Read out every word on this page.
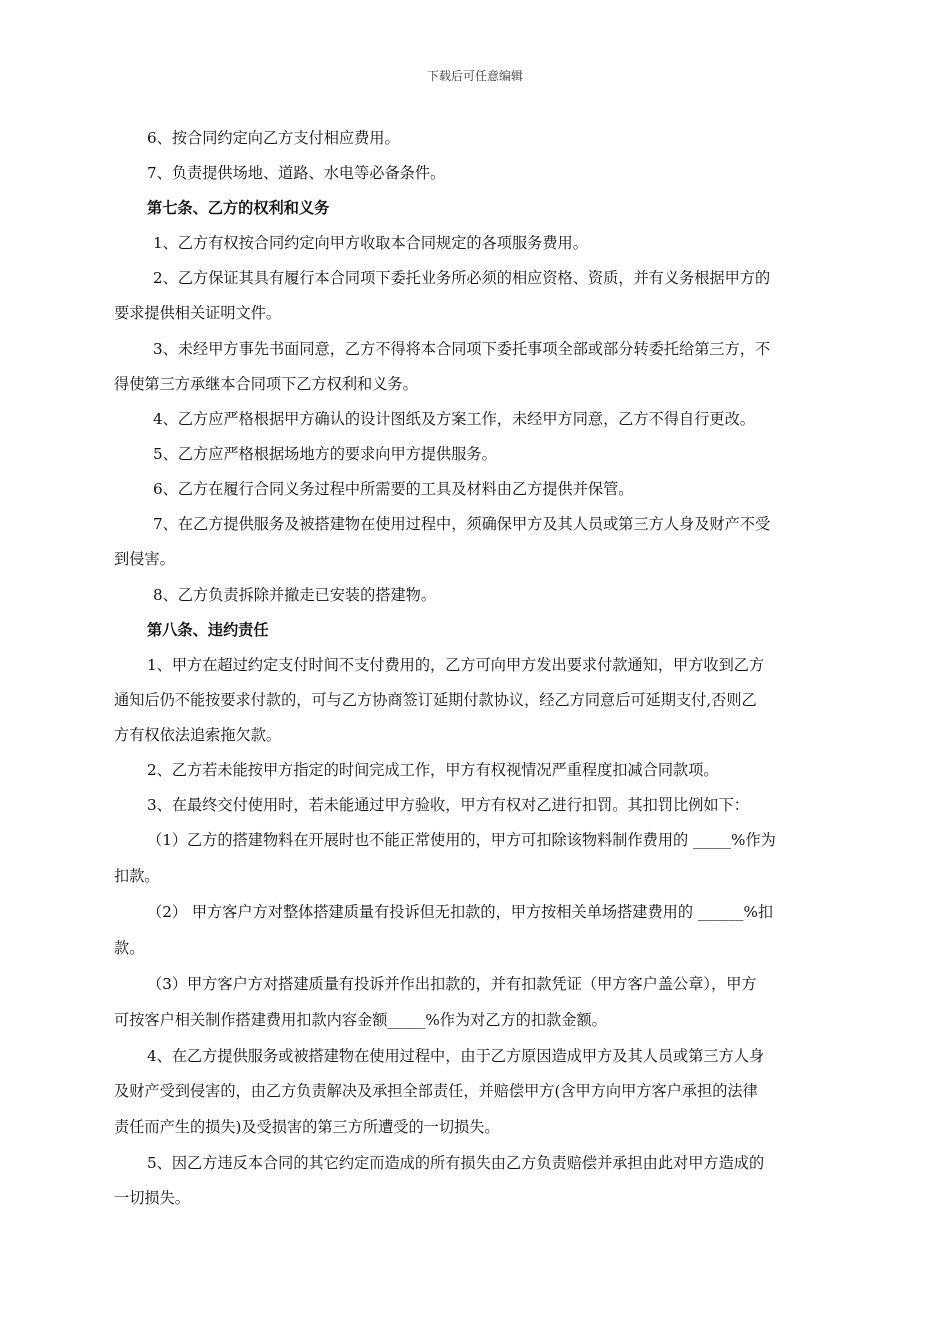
下载后可任意编辑
6、按合同约定向乙方支付相应费用。
7、负责提供场地、道路、水电等必备条件。
第七条、乙方的权利和义务
1、乙方有权按合同约定向甲方收取本合同规定的各项服务费用。
2、乙方保证其具有履行本合同项下委托业务所必须的相应资格、资质，并有义务根据甲方的
要求提供相关证明文件。
3、未经甲方事先书面同意，乙方不得将本合同项下委托事项全部或部分转委托给第三方，不
得使第三方承继本合同项下乙方权利和义务。
4、乙方应严格根据甲方确认的设计图纸及方案工作，未经甲方同意，乙方不得自行更改。
5、乙方应严格根据场地方的要求向甲方提供服务。
6、乙方在履行合同义务过程中所需要的工具及材料由乙方提供并保管。
7、在乙方提供服务及被搭建物在使用过程中，须确保甲方及其人员或第三方人身及财产不受
到侵害。
8、乙方负责拆除并撤走已安装的搭建物。
第八条、违约责任
1、甲方在超过约定支付时间不支付费用的，乙方可向甲方发出要求付款通知，甲方收到乙方
通知后仍不能按要求付款的，可与乙方协商签订延期付款协议，经乙方同意后可延期支付,否则乙
方有权依法追索拖欠款。
2、乙方若未能按甲方指定的时间完成工作，甲方有权视情况严重程度扣减合同款项。
3、在最终交付使用时，若未能通过甲方验收，甲方有权对乙进行扣罚。其扣罚比例如下：
（1）乙方的搭建物料在开展时也不能正常使用的，甲方可扣除该物料制作费用的 _____%作为
扣款。
（2） 甲方客户方对整体搭建质量有投诉但无扣款的，甲方按相关单场搭建费用的 ______%扣
款。
（3）甲方客户方对搭建质量有投诉并作出扣款的，并有扣款凭证（甲方客户盖公章），甲方
可按客户相关制作搭建费用扣款内容金额_____%作为对乙方的扣款金额。
4、在乙方提供服务或被搭建物在使用过程中，由于乙方原因造成甲方及其人员或第三方人身
及财产受到侵害的，由乙方负责解决及承担全部责任，并赔偿甲方(含甲方向甲方客户承担的法律
责任而产生的损失)及受损害的第三方所遭受的一切损失。
5、因乙方违反本合同的其它约定而造成的所有损失由乙方负责赔偿并承担由此对甲方造成的
一切损失。
